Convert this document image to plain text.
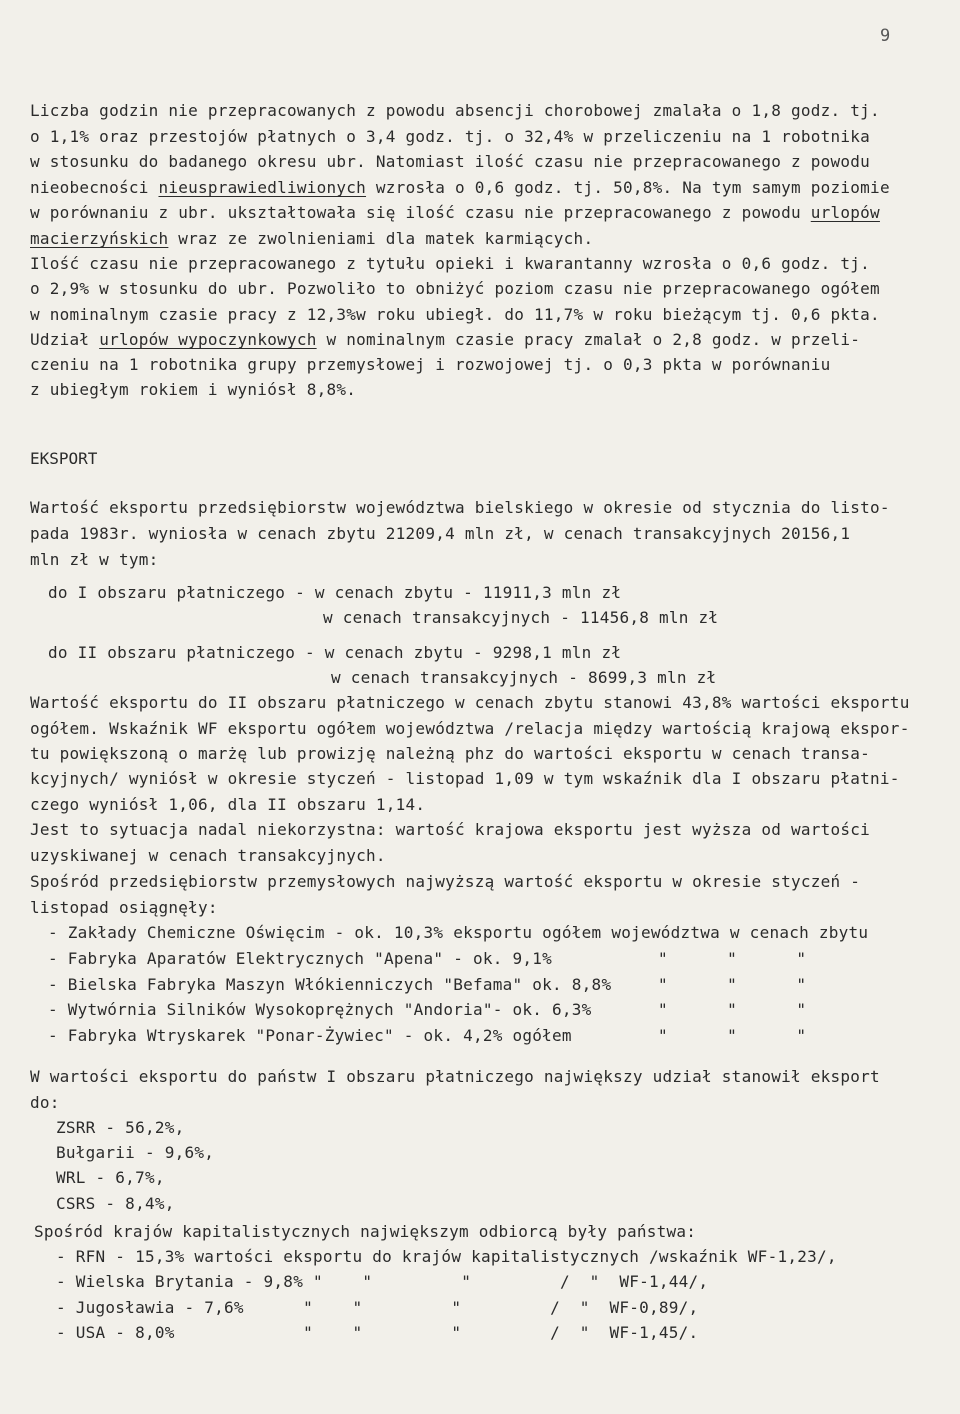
9
Liczba godzin nie przepracowanych z powodu absencji chorobowej zmalała o 1,8 godz. tj.
o 1,1% oraz przestojów płatnych o 3,4 godz. tj. o 32,4% w przeliczeniu na 1 robotnika
w stosunku do badanego okresu ubr. Natomiast ilość czasu nie przepracowanego z powodu
nieobecności nieusprawiedliwionych wzrosła o 0,6 godz. tj. 50,8%. Na tym samym poziomie
w porównaniu z ubr. ukształtowała się ilość czasu nie przepracowanego z powodu urlopów
macierzyńskich wraz ze zwolnieniami dla matek karmiących.
Ilość czasu nie przepracowanego z tytułu opieki i kwarantanny wzrosła o 0,6 godz. tj.
o 2,9% w stosunku do ubr. Pozwoliło to obniżyć poziom czasu nie przepracowanego ogółem
w nominalnym czasie pracy z 12,3%w roku ubiegł. do 11,7% w roku bieżącym tj. 0,6 pkta.
Udział urlopów wypoczynkowych w nominalnym czasie pracy zmalał o 2,8 godz. w przeli-
czeniu na 1 robotnika grupy przemysłowej i rozwojowej tj. o 0,3 pkta w porównaniu
z ubiegłym rokiem i wyniósł 8,8%.
EKSPORT
Wartość eksportu przedsiębiorstw województwa bielskiego w okresie od stycznia do listo-
pada 1983r. wyniosła w cenach zbytu 21209,4 mln zł, w cenach transakcyjnych 20156,1
mln zł w tym:
do I obszaru płatniczego - w cenach zbytu - 11911,3 mln zł
w cenach transakcyjnych - 11456,8 mln zł
do II obszaru płatniczego - w cenach zbytu - 9298,1 mln zł
w cenach transakcyjnych - 8699,3 mln zł
Wartość eksportu do II obszaru płatniczego w cenach zbytu stanowi 43,8% wartości eksportu
ogółem. Wskaźnik WF eksportu ogółem województwa /relacja między wartością krajową ekspor-
tu powiększoną o marżę lub prowizję należną phz do wartości eksportu w cenach transa-
kcyjnych/ wyniósł w okresie styczeń - listopad 1,09 w tym wskaźnik dla I obszaru płatni-
czego wyniósł 1,06, dla II obszaru 1,14.
Jest to sytuacja nadal niekorzystna: wartość krajowa eksportu jest wyższa od wartości
uzyskiwanej w cenach transakcyjnych.
Spośród przedsiębiorstw przemysłowych najwyższą wartość eksportu w okresie styczeń -
listopad osiągnęły:
- Zakłady Chemiczne Oświęcim - ok. 10,3% eksportu ogółem województwa w cenach zbytu
- Fabryka Aparatów Elektrycznych "Apena" - ok. 9,1%	"      "      "
- Bielska Fabryka Maszyn Włókienniczych "Befama" ok. 8,8% "      "      "
- Wytwórnia Silników Wysokoprężnych "Andoria"- ok. 6,3%	"      "      "
- Fabryka Wtryskarek "Ponar-Żywiec" - ok. 4,2% ogółem	"      "      "
W wartości eksportu do państw I obszaru płatniczego największy udział stanowił eksport
do:
ZSRR - 56,2%,
Bułgarii - 9,6%,
WRL - 6,7%,
CSRS - 8,4%,
Spośród krajów kapitalistycznych największym odbiorcą były państwa:
- RFN - 15,3% wartości eksportu do krajów kapitalistycznych /wskaźnik WF-1,23/,
- Wielska Brytania - 9,8% "    "         "         /  "  WF-1,44/,
- Jugosławia - 7,6%      "    "         "         /  "  WF-0,89/,
- USA - 8,0%             "    "         "         /  "  WF-1,45/.
